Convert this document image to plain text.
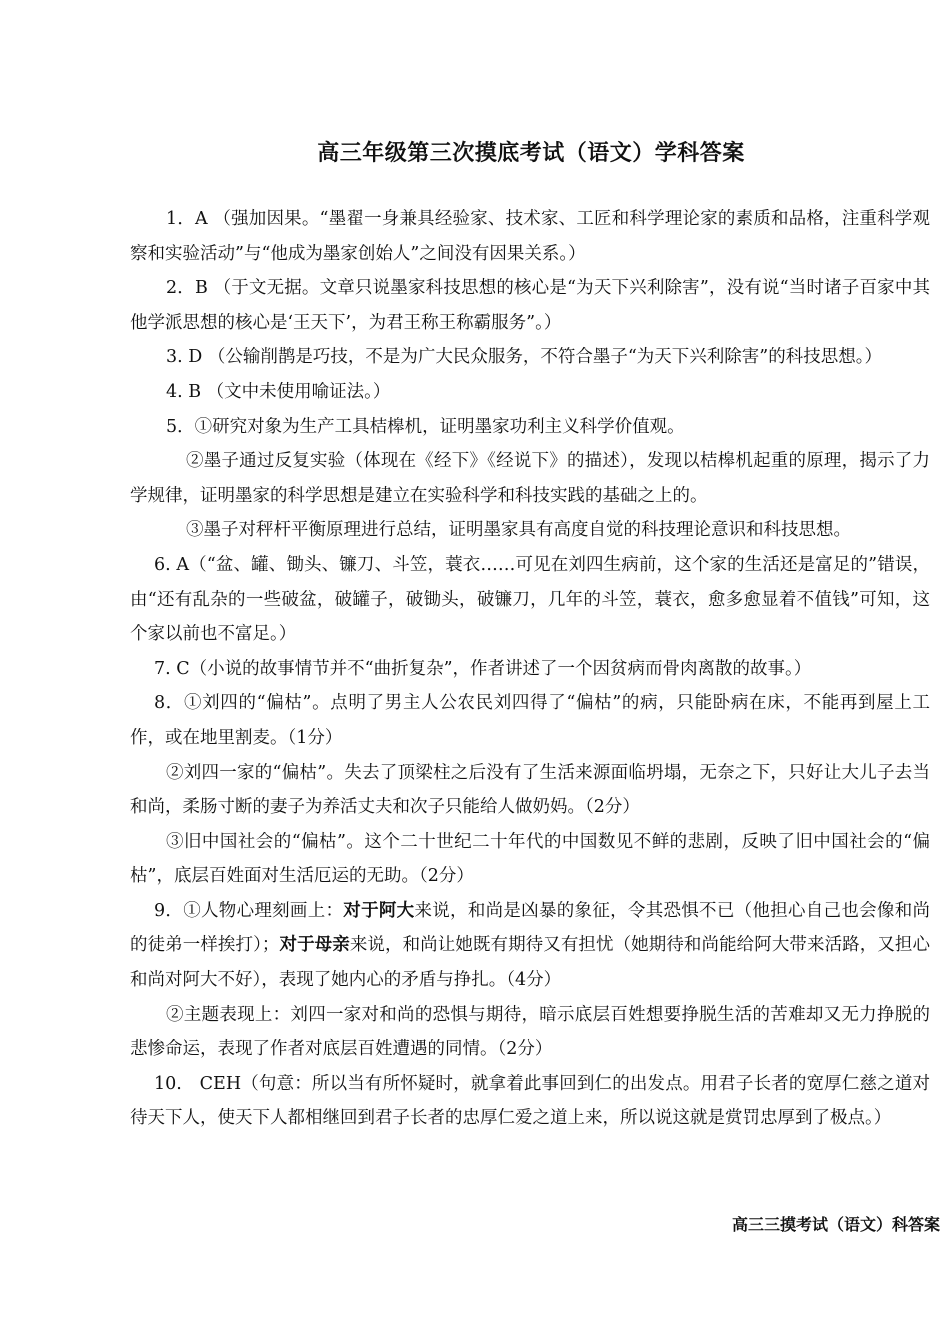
高三年级第三次摸底考试（语文）学科答案

1．A （强加因果。“墨翟一身兼具经验家、技术家、工匠和科学理论家的素质和品格，注重科学观察和实验活动”与“他成为墨家创始人”之间没有因果关系。）

2．B （于文无据。文章只说墨家科技思想的核心是“为天下兴利除害”，没有说“当时诸子百家中其他学派思想的核心是‘王天下’，为君王称王称霸服务”。）

3. D （公输削鹊是巧技，不是为广大民众服务，不符合墨子“为天下兴利除害”的科技思想。）

4. B （文中未使用喻证法。）

5．①研究对象为生产工具桔槔机，证明墨家功利主义科学价值观。

②墨子通过反复实验（体现在《经下》《经说下》的描述），发现以桔槔机起重的原理，揭示了力学规律，证明墨家的科学思想是建立在实验科学和科技实践的基础之上的。

③墨子对秤杆平衡原理进行总结，证明墨家具有高度自觉的科技理论意识和科技思想。

6. A（“盆、罐、锄头、镰刀、斗笠，蓑衣……可见在刘四生病前，这个家的生活还是富足的”错误，由“还有乱杂的一些破盆，破罐子，破锄头，破镰刀，几年的斗笠，蓑衣，愈多愈显着不值钱”可知，这个家以前也不富足。）

7. C（小说的故事情节并不“曲折复杂”，作者讲述了一个因贫病而骨肉离散的故事。）

8．①刘四的“偏枯”。点明了男主人公农民刘四得了“偏枯”的病，只能卧病在床，不能再到屋上工作，或在地里割麦。（1分）

②刘四一家的“偏枯”。失去了顶梁柱之后没有了生活来源面临坍塌，无奈之下，只好让大儿子去当和尚，柔肠寸断的妻子为养活丈夫和次子只能给人做奶妈。（2分）

③旧中国社会的“偏枯”。这个二十世纪二十年代的中国数见不鲜的悲剧，反映了旧中国社会的“偏枯”，底层百姓面对生活厄运的无助。（2分）

9．①人物心理刻画上：对于阿大来说，和尚是凶暴的象征，令其恐惧不已（他担心自己也会像和尚的徒弟一样挨打）；对于母亲来说，和尚让她既有期待又有担忧（她期待和尚能给阿大带来活路，又担心和尚对阿大不好），表现了她内心的矛盾与挣扎。（4分）

②主题表现上：刘四一家对和尚的恐惧与期待，暗示底层百姓想要挣脱生活的苦难却又无力挣脱的悲惨命运，表现了作者对底层百姓遭遇的同情。（2分）

10.　CEH（句意：所以当有所怀疑时，就拿着此事回到仁的出发点。用君子长者的宽厚仁慈之道对待天下人，使天下人都相继回到君子长者的忠厚仁爱之道上来，所以说这就是赏罚忠厚到了极点。）

高三三摸考试（语文）科答案
